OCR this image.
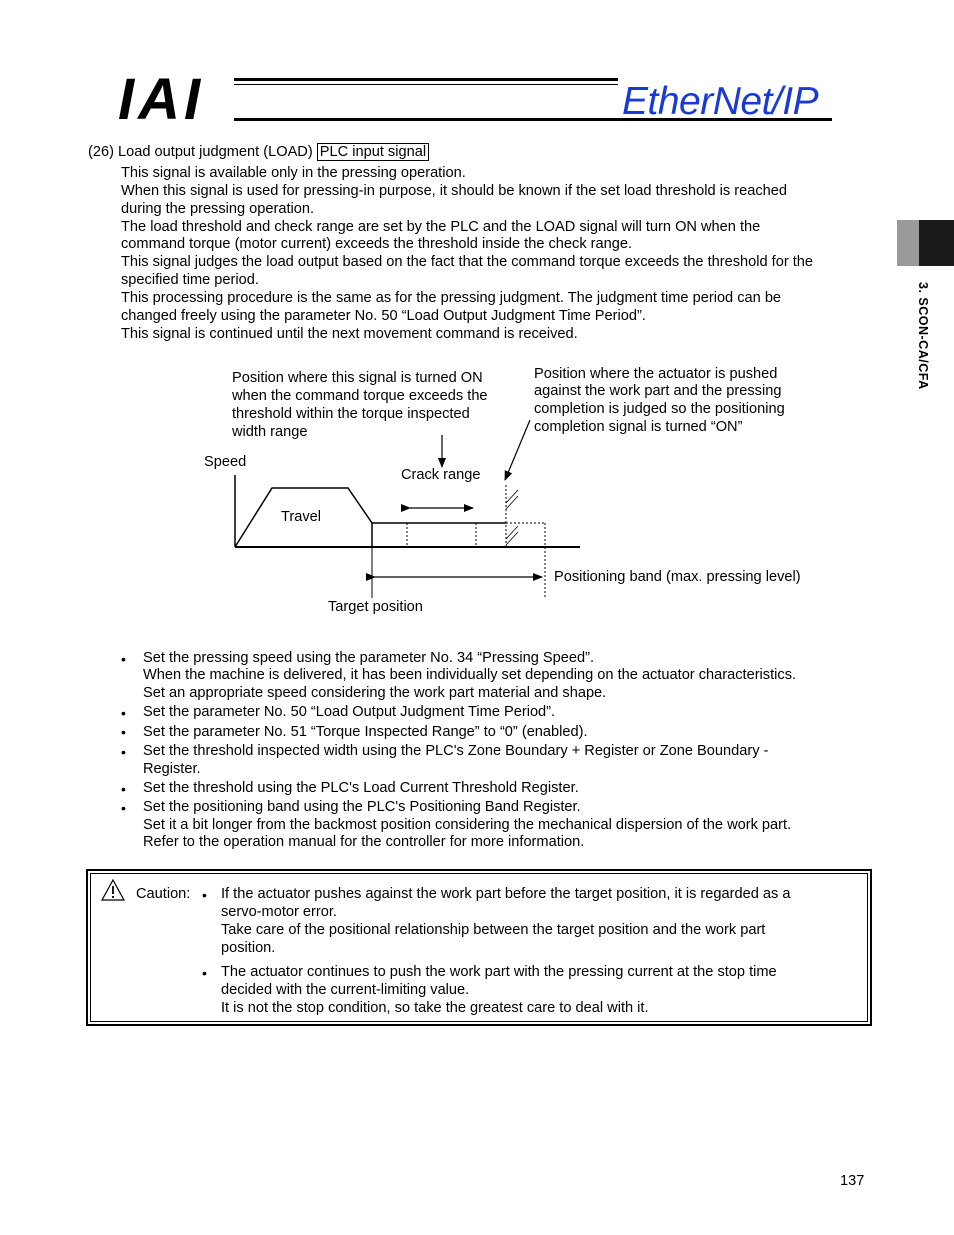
IAI	EtherNet/IP
3. SCON-CA/CFA
(26) Load output judgment (LOAD) PLC input signal
This signal is available only in the pressing operation.
When this signal is used for pressing-in purpose, it should be known if the set load threshold is reached
during the pressing operation.
The load threshold and check range are set by the PLC and the LOAD signal will turn ON when the
command torque (motor current) exceeds the threshold inside the check range.
This signal judges the load output based on the fact that the command torque exceeds the threshold for the
specified time period.
This processing procedure is the same as for the pressing judgment. The judgment time period can be
changed freely using the parameter No. 50 “Load Output Judgment Time Period”.
This signal is continued until the next movement command is received.
Position where this signal is turned ON
when the command torque exceeds the
threshold within the torque inspected
width range
Position where the actuator is pushed
against the work part and the pressing
completion is judged so the positioning
completion signal is turned “ON”
Speed
Crack range
Travel
Positioning band (max. pressing level)
Target position
• Set the pressing speed using the parameter No. 34 “Pressing Speed”.
When the machine is delivered, it has been individually set depending on the actuator characteristics.
Set an appropriate speed considering the work part material and shape.
• Set the parameter No. 50 “Load Output Judgment Time Period”.
• Set the parameter No. 51 “Torque Inspected Range” to “0” (enabled).
• Set the threshold inspected width using the PLC's Zone Boundary + Register or Zone Boundary -
Register.
• Set the threshold using the PLC's Load Current Threshold Register.
• Set the positioning band using the PLC's Positioning Band Register.
Set it a bit longer from the backmost position considering the mechanical dispersion of the work part.
Refer to the operation manual for the controller for more information.
Caution: • If the actuator pushes against the work part before the target position, it is regarded as a
servo-motor error.
Take care of the positional relationship between the target position and the work part
position.
• The actuator continues to push the work part with the pressing current at the stop time
decided with the current-limiting value.
It is not the stop condition, so take the greatest care to deal with it.
137
